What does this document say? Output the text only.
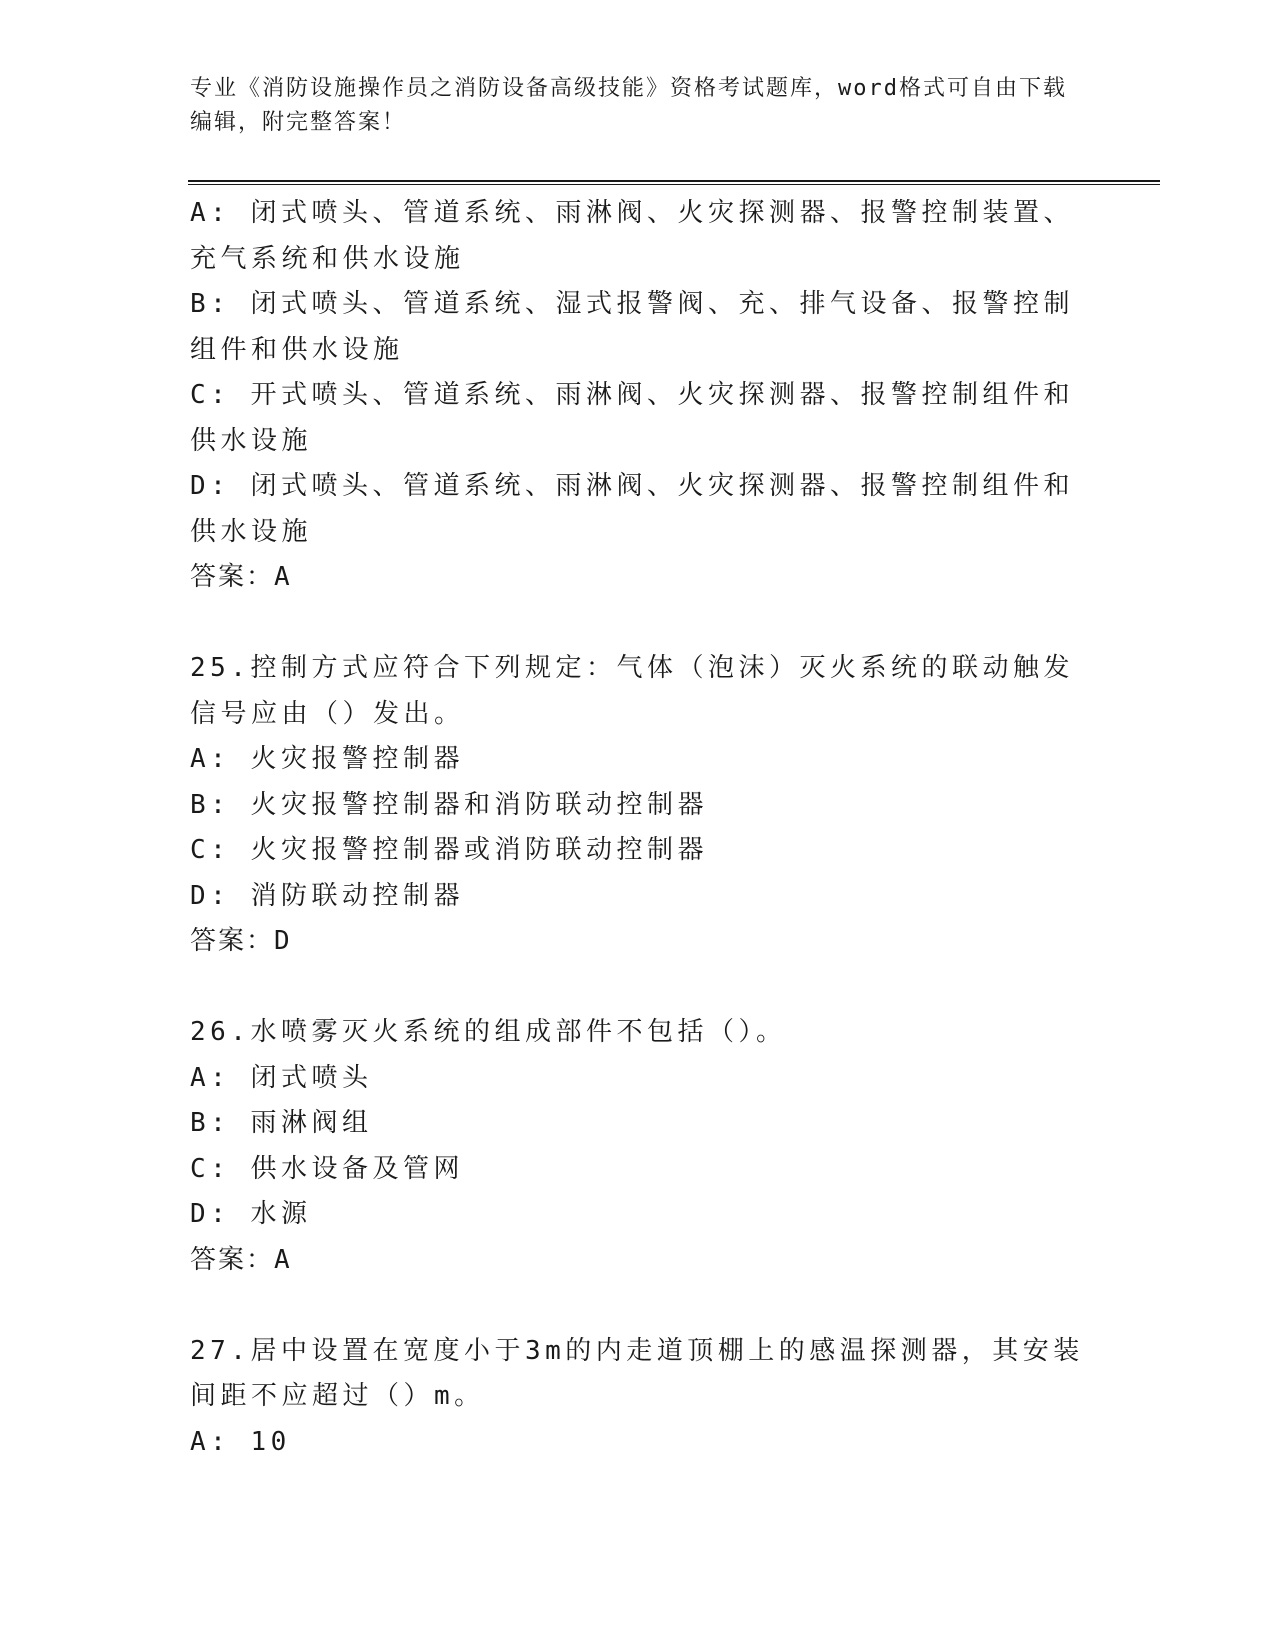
专业《消防设施操作员之消防设备高级技能》资格考试题库，word格式可自由下载编辑，附完整答案！
A: 闭式喷头、管道系统、雨淋阀、火灾探测器、报警控制装置、充气系统和供水设施
B: 闭式喷头、管道系统、湿式报警阀、充、排气设备、报警控制组件和供水设施
C: 开式喷头、管道系统、雨淋阀、火灾探测器、报警控制组件和供水设施
D: 闭式喷头、管道系统、雨淋阀、火灾探测器、报警控制组件和供水设施
答案：A
25.控制方式应符合下列规定：气体（泡沫）灭火系统的联动触发信号应由（）发出。
A: 火灾报警控制器
B: 火灾报警控制器和消防联动控制器
C: 火灾报警控制器或消防联动控制器
D: 消防联动控制器
答案：D
26.水喷雾灭火系统的组成部件不包括（）。
A: 闭式喷头
B: 雨淋阀组
C: 供水设备及管网
D: 水源
答案：A
27.居中设置在宽度小于3m的内走道顶棚上的感温探测器，其安装间距不应超过（）m。
A: 10
